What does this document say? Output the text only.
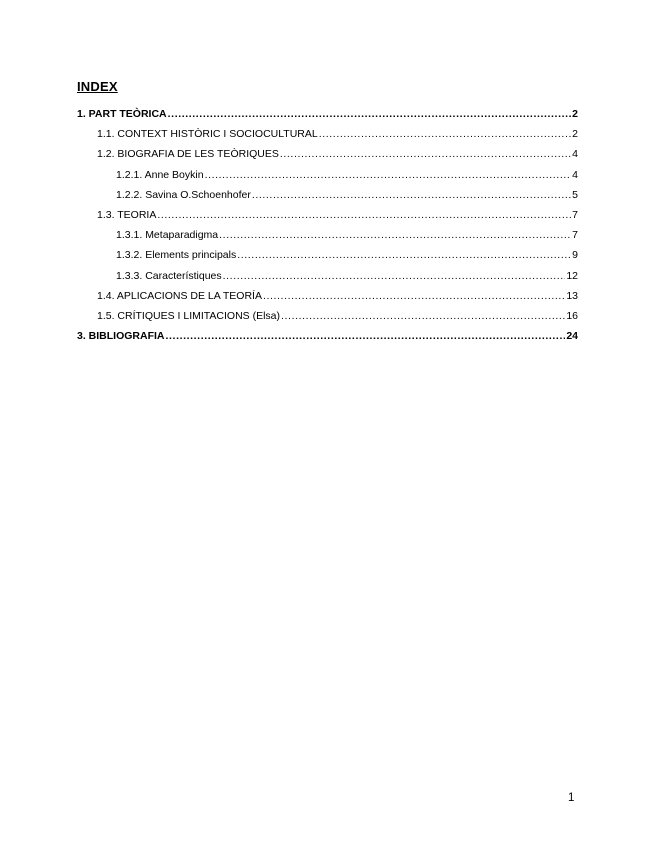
INDEX
1. PART TEÒRICA .....	2
1.1. CONTEXT HISTÒRIC I SOCIOCULTURAL .....	2
1.2. BIOGRAFIA DE LES TEÒRIQUES .....	4
1.2.1. Anne Boykin .....	4
1.2.2. Savina O.Schoenhofer .....	5
1.3. TEORIA .....	7
1.3.1. Metaparadigma .....	7
1.3.2. Elements principals .....	9
1.3.3. Característiques .....	12
1.4. APLICACIONS DE LA TEORÍA .....	13
1.5. CRÍTIQUES I LIMITACIONS (Elsa) .....	16
3. BIBLIOGRAFIA .....	24
1
